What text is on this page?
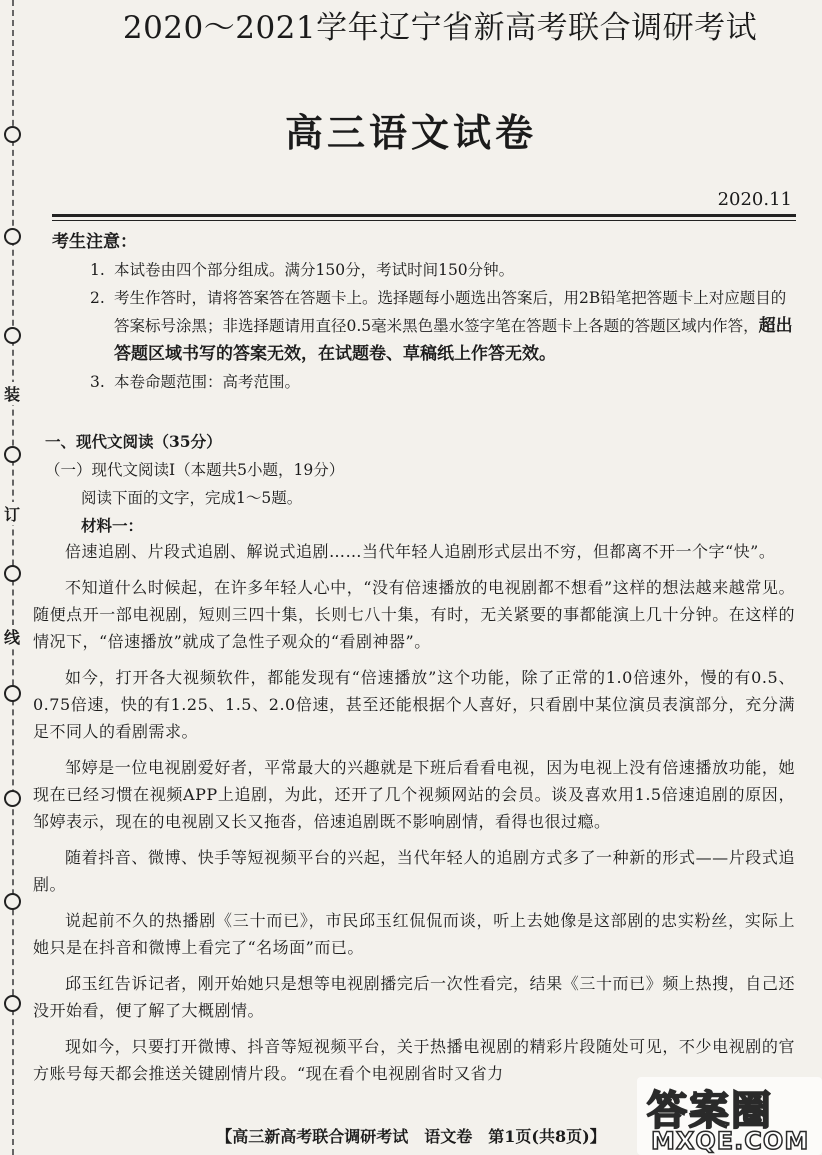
装
订
线
2020～2021学年辽宁省新高考联合调研考试
高三语文试卷
2020.11

考生注意：

1. 本试卷由四个部分组成。满分150分，考试时间150分钟。

2. 考生作答时，请将答案答在答题卡上。选择题每小题选出答案后，用2B铅笔把答题卡上对应题目的答案标号涂黑；非选择题请用直径0.5毫米黑色墨水签字笔在答题卡上各题的答题区域内作答，超出答题区域书写的答案无效，在试题卷、草稿纸上作答无效。

3. 本卷命题范围：高考范围。

一、现代文阅读（35分）

（一）现代文阅读Ⅰ（本题共5小题，19分）

阅读下面的文字，完成1～5题。

材料一：

倍速追剧、片段式追剧、解说式追剧……当代年轻人追剧形式层出不穷，但都离不开一个字“快”。

不知道什么时候起，在许多年轻人心中，“没有倍速播放的电视剧都不想看”这样的想法越来越常见。随便点开一部电视剧，短则三四十集，长则七八十集，有时，无关紧要的事都能演上几十分钟。在这样的情况下，“倍速播放”就成了急性子观众的“看剧神器”。

如今，打开各大视频软件，都能发现有“倍速播放”这个功能，除了正常的1.0倍速外，慢的有0.5、0.75倍速，快的有1.25、1.5、2.0倍速，甚至还能根据个人喜好，只看剧中某位演员表演部分，充分满足不同人的看剧需求。

邹婷是一位电视剧爱好者，平常最大的兴趣就是下班后看看电视，因为电视上没有倍速播放功能，她现在已经习惯在视频APP上追剧，为此，还开了几个视频网站的会员。谈及喜欢用1.5倍速追剧的原因，邹婷表示，现在的电视剧又长又拖沓，倍速追剧既不影响剧情，看得也很过瘾。

随着抖音、微博、快手等短视频平台的兴起，当代年轻人的追剧方式多了一种新的形式——片段式追剧。

说起前不久的热播剧《三十而已》，市民邱玉红侃侃而谈，听上去她像是这部剧的忠实粉丝，实际上她只是在抖音和微博上看完了“名场面”而已。

邱玉红告诉记者，刚开始她只是想等电视剧播完后一次性看完，结果《三十而已》频上热搜，自己还没开始看，便了解了大概剧情。

现如今，只要打开微博、抖音等短视频平台，关于热播电视剧的精彩片段随处可见，不少电视剧的官方账号每天都会推送关键剧情片段。“现在看个电视剧省时又省力

【高三新高考联合调研考试　语文卷　第1页(共8页)】
答案圈
MXQE.COM
